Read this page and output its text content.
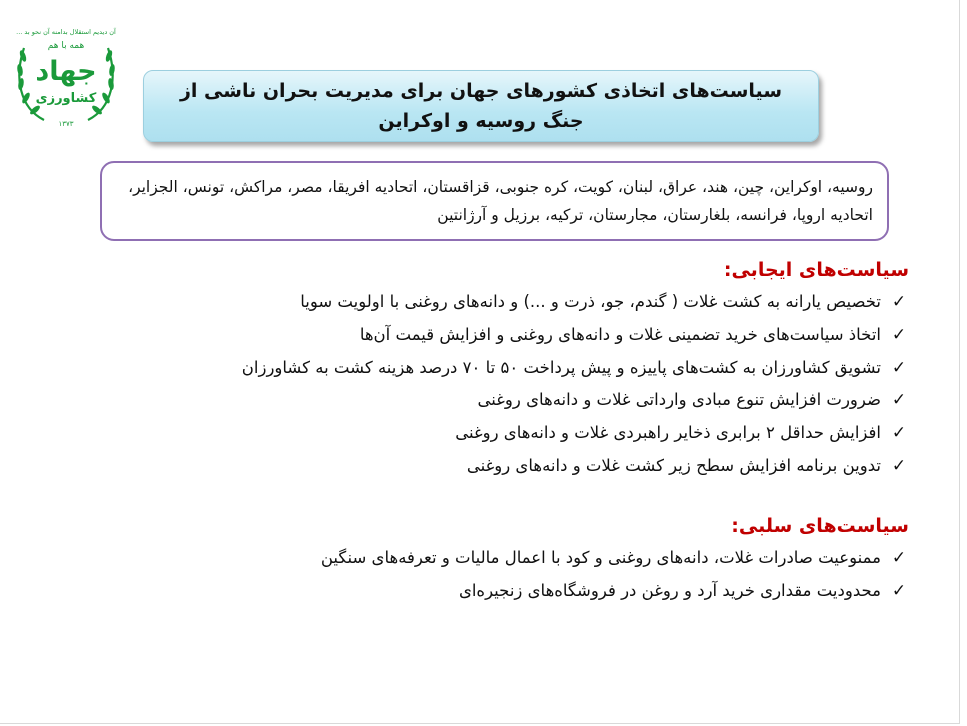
آن دیدیم استقلال بدامنه آن نحو بد ...
همه با هم
جهاد
کشاورزی
۱۳۷۳
سیاست‌های اتخاذی کشورهای جهان برای مدیریت بحران ناشی از جنگ روسیه و اوکراین
روسیه، اوکراین، چین، هند، عراق، لبنان، کویت، کره جنوبی، قزاقستان، اتحادیه افریقا، مصر، مراکش، تونس، الجزایر، اتحادیه اروپا، فرانسه، بلغارستان، مجارستان، ترکیه، برزیل و آرژانتین
سیاست‌های ایجابی:
✓
تخصیص یارانه به کشت غلات ( گندم، جو، ذرت و ...) و دانه‌های روغنی با اولویت سویا
✓
اتخاذ سیاست‌های خرید تضمینی غلات و دانه‌های روغنی و افزایش قیمت آن‌ها
✓
تشویق کشاورزان به کشت‌های پاییزه و پیش پرداخت ۵۰ تا ۷۰ درصد هزینه کشت به کشاورزان
✓
ضرورت افزایش تنوع مبادی وارداتی غلات و دانه‌های روغنی
✓
افزایش حداقل ۲ برابری ذخایر راهبردی غلات و دانه‌های روغنی
✓
تدوین برنامه افزایش سطح زیر کشت غلات و دانه‌های روغنی
سیاست‌های سلبی:
✓
ممنوعیت صادرات غلات، دانه‌های روغنی و کود با اعمال مالیات و تعرفه‌های سنگین
✓
محدودیت مقداری خرید آرد و روغن در فروشگاه‌های زنجیره‌ای
